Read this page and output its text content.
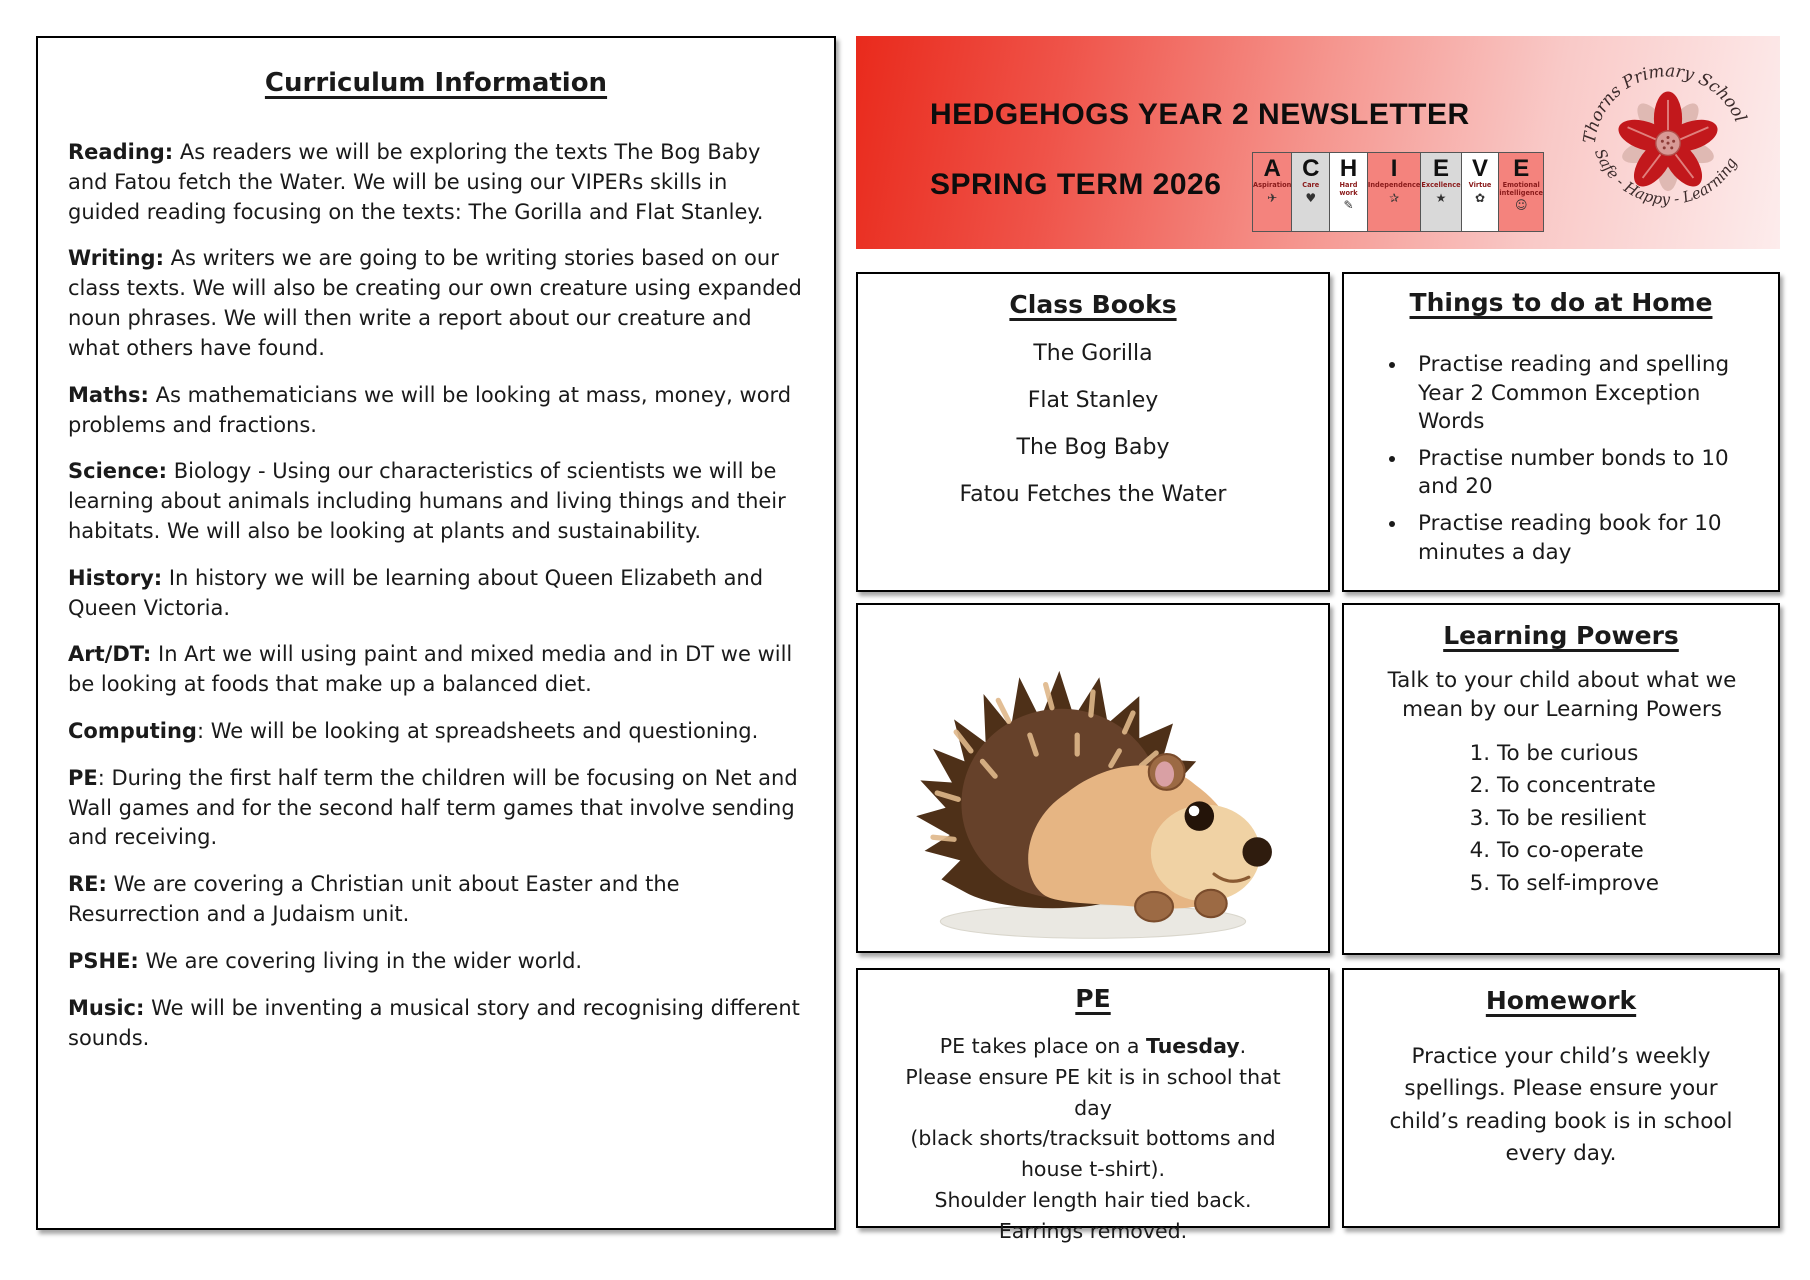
Curriculum Information

Reading: As readers we will be exploring the texts The Bog Baby and Fatou fetch the Water. We will be using our VIPERs skills in guided reading focusing on the texts: The Gorilla and Flat Stanley.

Writing: As writers we are going to be writing stories based on our class texts. We will also be creating our own creature using expanded noun phrases. We will then write a report about our creature and what others have found.

Maths: As mathematicians we will be looking at mass, money, word problems and fractions.

Science: Biology - Using our characteristics of scientists we will be learning about animals including humans and living things and their habitats. We will also be looking at plants and sustainability.

History: In history we will be learning about Queen Elizabeth and Queen Victoria.

Art/DT: In Art we will using paint and mixed media and in DT we will be looking at foods that make up a balanced diet.

Computing: We will be looking at spreadsheets and questioning.

PE: During the first half term the children will be focusing on Net and Wall games and for the second half term games that involve sending and receiving.

RE: We are covering a Christian unit about Easter and the Resurrection and a Judaism unit.

PSHE: We are covering living in the wider world.

Music: We will be inventing a musical story and recognising different sounds.

HEDGEHOGS YEAR 2 NEWSLETTER
SPRING TERM 2026 A
Aspiration
✈
C
Care
♥
H
Hard work
✎
I
Independence
✰
E
Excellence
★
V
Virtue
✿
E
Emotional intelligence
☺
Thorns Primary School
Safe - Happy - Learning
Class Books
The Gorilla
Flat Stanley
The Bog Baby
Fatou Fetches the Water
Things to do at Home
• Practise reading and spelling Year 2 Common Exception Words
• Practise number bonds to 10 and 20
• Practise reading book for 10 minutes a day
Learning Powers
Talk to your child about what we mean by our Learning Powers
1. To be curious
2. To concentrate
3. To be resilient
4. To co-operate
5. To self-improve
PE
PE takes place on a Tuesday.
Please ensure PE kit is in school that day
(black shorts/tracksuit bottoms and house t-shirt).
Shoulder length hair tied back.
Earrings removed.
Homework
Practice your child’s weekly spellings. Please ensure your child’s reading book is in school every day.
